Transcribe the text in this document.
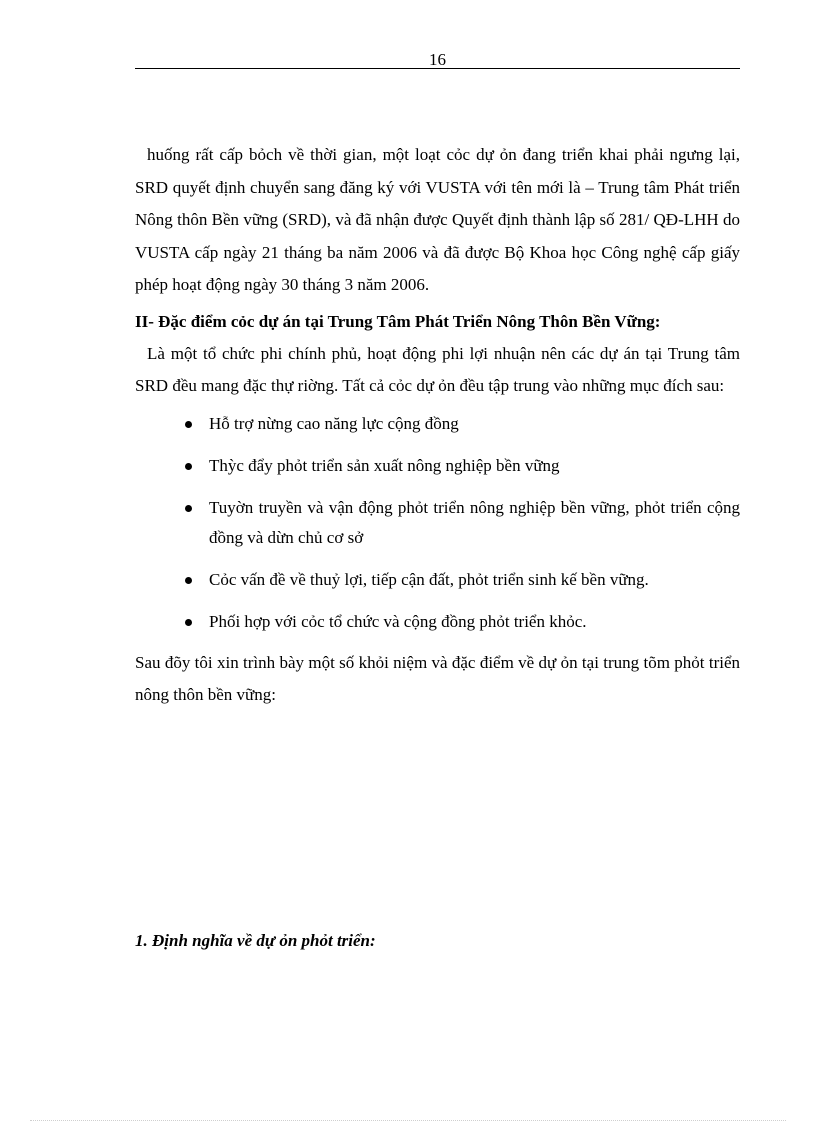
16

huống rất cấp bỏch về thời gian, một loạt cỏc dự ỏn đang triển khai phải ngưng lại, SRD quyết định chuyển sang đăng ký với VUSTA với tên mới là – Trung tâm Phát triển Nông thôn Bền vững (SRD), và đã nhận được Quyết định thành lập số 281/ QĐ-LHH do VUSTA cấp ngày 21 tháng ba năm 2006 và đã được Bộ Khoa học Công nghệ cấp giấy phép hoạt động ngày 30 tháng 3 năm 2006.

II- Đặc điểm cỏc dự án tại Trung Tâm Phát Triển Nông Thôn Bền Vững:

Là một tổ chức phi chính phủ, hoạt động phi lợi nhuận nên các dự án tại Trung tâm SRD đều mang đặc thự riờng. Tất cả cỏc dự ỏn đều tập trung vào những mục đích sau:

Hỗ trợ nừng cao năng lực cộng đồng
Thỳc đẩy phỏt triển sản xuất nông nghiệp bền vững
Tuyờn truyền và vận động phỏt triển nông nghiệp bền vững, phỏt triển cộng đồng và dừn chủ cơ sở
Cỏc vấn đề về thuỷ lợi, tiếp cận đất, phỏt triển sinh kế bền vững.
Phối hợp với cỏc tổ chức và cộng đồng phỏt triển khỏc.

Sau đõy tôi xin trình bày một số khỏi niệm và đặc điểm về dự ỏn tại trung tõm phỏt triển nông thôn bền vững:

1. Định nghĩa về dự ỏn phỏt triển:
